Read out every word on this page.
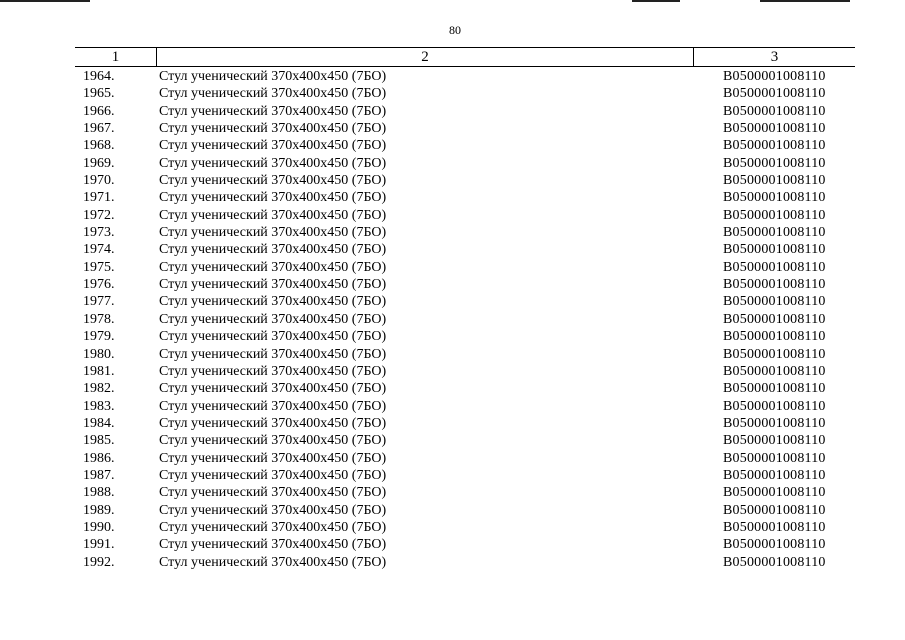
80
1	2	3
1964.	Стул ученический 370x400x450 (7БО)	B0500001008110
1965.	Стул ученический 370x400x450 (7БО)	B0500001008110
1966.	Стул ученический 370x400x450 (7БО)	B0500001008110
1967.	Стул ученический 370x400x450 (7БО)	B0500001008110
1968.	Стул ученический 370x400x450 (7БО)	B0500001008110
1969.	Стул ученический 370x400x450 (7БО)	B0500001008110
1970.	Стул ученический 370x400x450 (7БО)	B0500001008110
1971.	Стул ученический 370x400x450 (7БО)	B0500001008110
1972.	Стул ученический 370x400x450 (7БО)	B0500001008110
1973.	Стул ученический 370x400x450 (7БО)	B0500001008110
1974.	Стул ученический 370x400x450 (7БО)	B0500001008110
1975.	Стул ученический 370x400x450 (7БО)	B0500001008110
1976.	Стул ученический 370x400x450 (7БО)	B0500001008110
1977.	Стул ученический 370x400x450 (7БО)	B0500001008110
1978.	Стул ученический 370x400x450 (7БО)	B0500001008110
1979.	Стул ученический 370x400x450 (7БО)	B0500001008110
1980.	Стул ученический 370x400x450 (7БО)	B0500001008110
1981.	Стул ученический 370x400x450 (7БО)	B0500001008110
1982.	Стул ученический 370x400x450 (7БО)	B0500001008110
1983.	Стул ученический 370x400x450 (7БО)	B0500001008110
1984.	Стул ученический 370x400x450 (7БО)	B0500001008110
1985.	Стул ученический 370x400x450 (7БО)	B0500001008110
1986.	Стул ученический 370x400x450 (7БО)	B0500001008110
1987.	Стул ученический 370x400x450 (7БО)	B0500001008110
1988.	Стул ученический 370x400x450 (7БО)	B0500001008110
1989.	Стул ученический 370x400x450 (7БО)	B0500001008110
1990.	Стул ученический 370x400x450 (7БО)	B0500001008110
1991.	Стул ученический 370x400x450 (7БО)	B0500001008110
1992.	Стул ученический 370x400x450 (7БО)	B0500001008110
